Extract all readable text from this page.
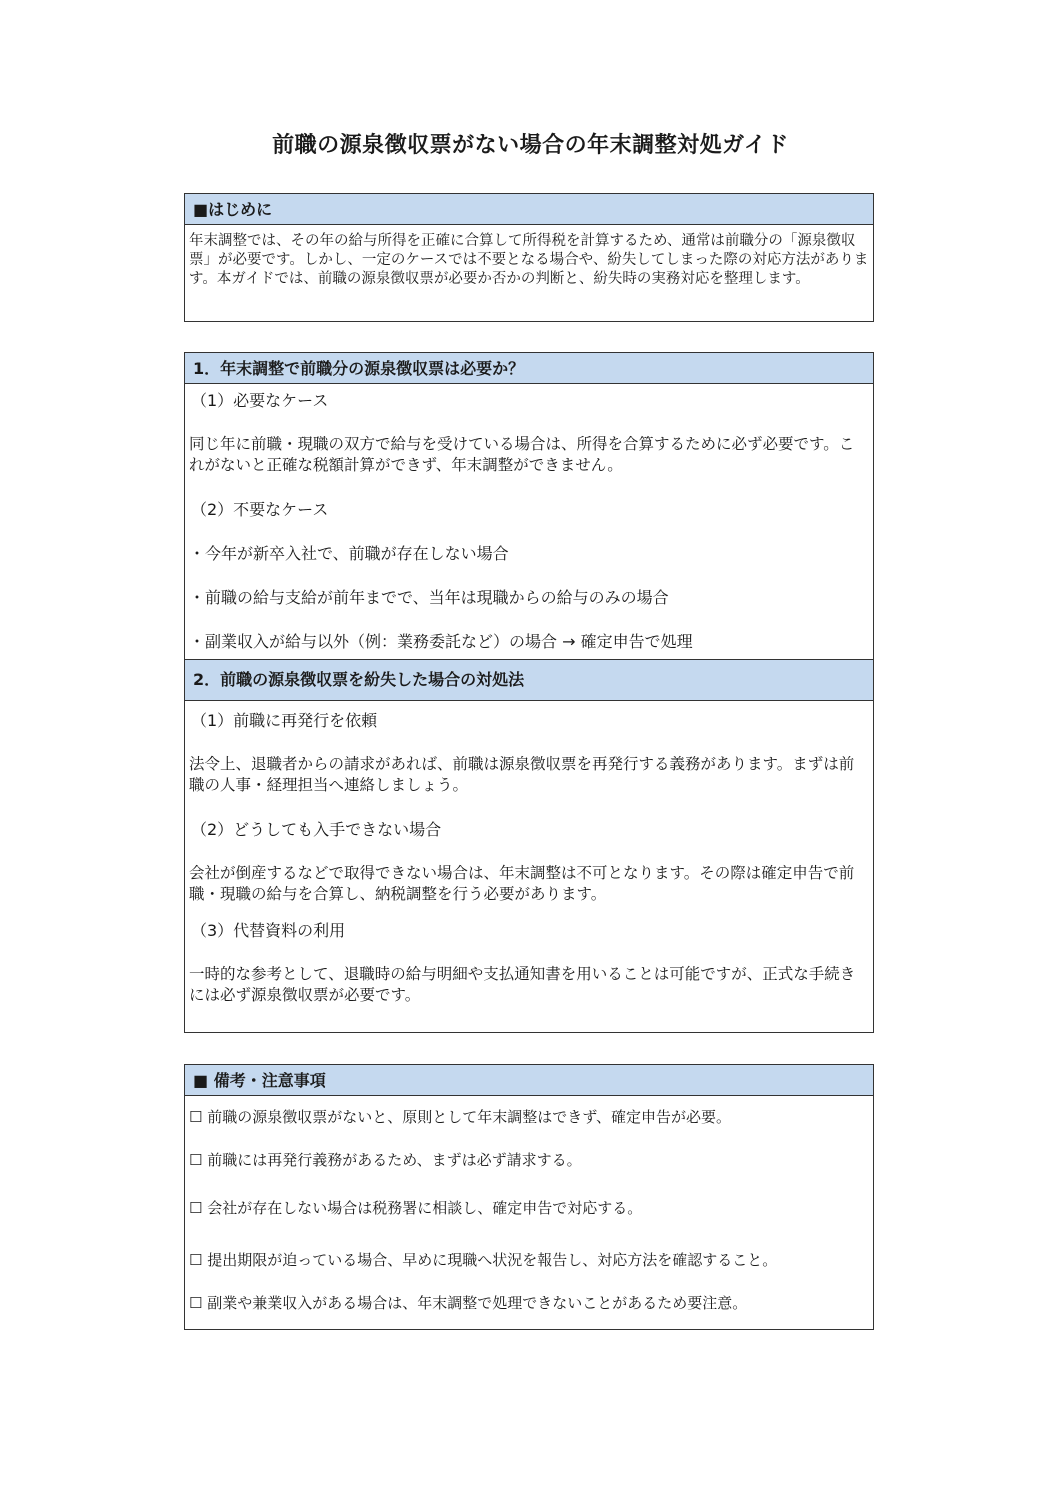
前職の源泉徴収票がない場合の年末調整対処ガイド
■はじめに

年末調整では、その年の給与所得を正確に合算して所得税を計算するため、通常は前職分の「源泉徴収票」が必要です。しかし、一定のケースでは不要となる場合や、紛失してしまった際の対応方法があります。本ガイドでは、前職の源泉徴収票が必要か否かの判断と、紛失時の実務対応を整理します。

1．年末調整で前職分の源泉徴収票は必要か？

（1）必要なケース

同じ年に前職・現職の双方で給与を受けている場合は、所得を合算するために必ず必要です。これがないと正確な税額計算ができず、年末調整ができません。

（2）不要なケース

・今年が新卒入社で、前職が存在しない場合

・前職の給与支給が前年までで、当年は現職からの給与のみの場合

・副業収入が給与以外（例：業務委託など）の場合 → 確定申告で処理

2．前職の源泉徴収票を紛失した場合の対処法

（1）前職に再発行を依頼

法令上、退職者からの請求があれば、前職は源泉徴収票を再発行する義務があります。まずは前職の人事・経理担当へ連絡しましょう。

（2）どうしても入手できない場合

会社が倒産するなどで取得できない場合は、年末調整は不可となります。その際は確定申告で前職・現職の給与を合算し、納税調整を行う必要があります。

（3）代替資料の利用

一時的な参考として、退職時の給与明細や支払通知書を用いることは可能ですが、正式な手続きには必ず源泉徴収票が必要です。

■ 備考・注意事項

☐ 前職の源泉徴収票がないと、原則として年末調整はできず、確定申告が必要。

☐ 前職には再発行義務があるため、まずは必ず請求する。

☐ 会社が存在しない場合は税務署に相談し、確定申告で対応する。

☐ 提出期限が迫っている場合、早めに現職へ状況を報告し、対応方法を確認すること。

☐ 副業や兼業収入がある場合は、年末調整で処理できないことがあるため要注意。
